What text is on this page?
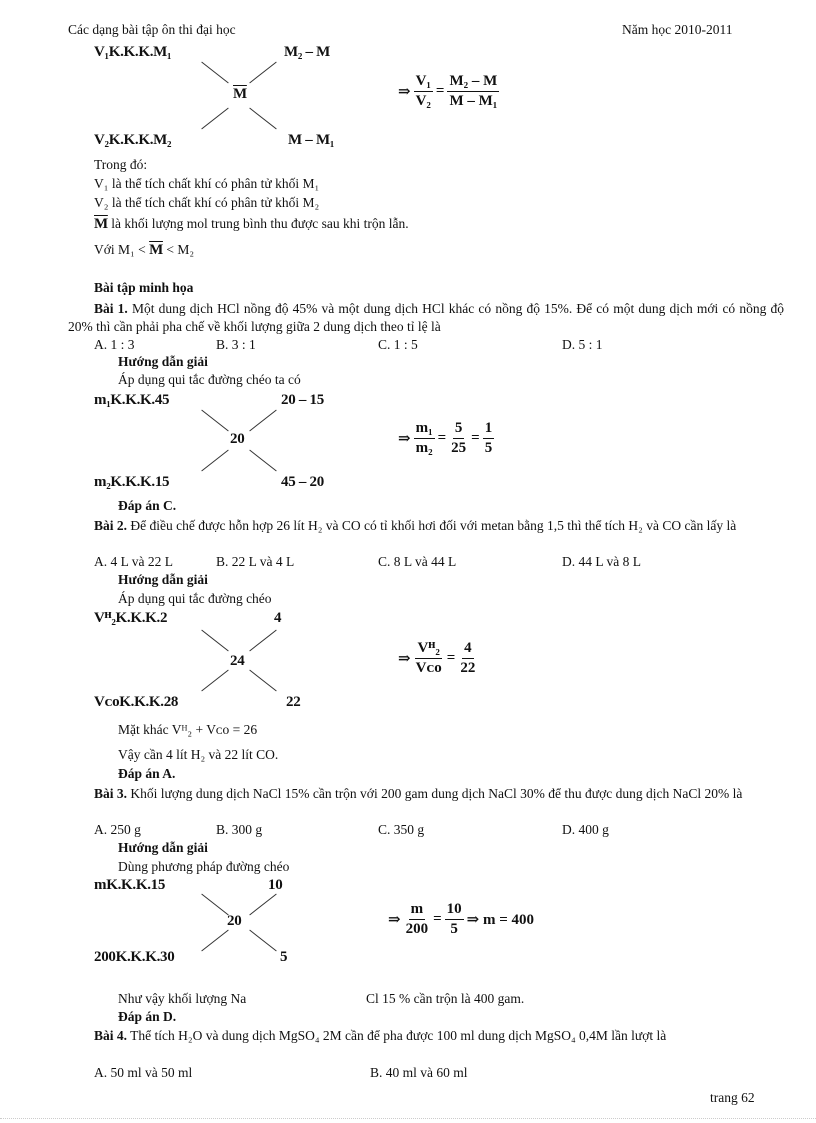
Các dạng bài tập ôn thi đại học	Năm học 2010-2011
V₁K.K.K.M₁	M₂ – M
$\overline{M}$
V₂K.K.K.M₂	M – M₁
⇒ $\frac{\text{V₁}}{\text{V₂}} = \frac{\text{M₂ – M}}{\text{M – M₁}}$
Trong đó:
V₁ là thể tích chất khí có phân tử khối M₁
V₂ là thể tích chất khí có phân tử khối M₂
$\overline{M}$ là khối lượng mol trung bình thu được sau khi trộn lẫn.
Với $M_1 < \overline{M} < M_2$
Bài tập minh họa
Bài 1. Một dung dịch HCl nồng độ 45% và một dung dịch HCl khác có nồng độ 15%. Để có một dung dịch mới có nồng độ 20% thì cần phải pha chế về khối lượng giữa 2 dung dịch theo tỉ lệ là
A. 1 : 3	B. 3 : 1	C. 1 : 5	D. 5 : 1
Hướng dẫn giải
Áp dụng qui tắc đường chéo ta có
m₁K.K.K.45	20 – 15
20
m₂K.K.K.15	45 – 20
⇒ $\frac{\text{m₁}}{\text{m₂}} = \frac{5}{25} = \frac{1}{5}$
Đáp án C.
Bài 2. Để điều chế được hỗn hợp 26 lít H₂ và CO có tỉ khối hơi đối với metan bằng 1,5 thì thể tích H₂ và CO cần lấy là
A. 4 L và 22 L	B. 22 L và 4 L	C. 8 L và 44 L	D. 44 L và 8 L
Hướng dẫn giải
Áp dụng qui tắc đường chéo
Vᴴ₂K.K.K.2	4
24
VᴄᴏK.K.K.28	22
⇒
Vᴴ₂
Vᴄᴏ
= $\frac{4}{22}$
Mặt khác Vᴴ₂ + Vᴄᴏ = 26
Vậy cần 4 lít H₂ và 22 lít CO.
Đáp án A.
Bài 3. Khối lượng dung dịch NaCl 15% cần trộn với 200 gam dung dịch NaCl 30% để thu được dung dịch NaCl 20% là
A. 250 g	B. 300 g	C. 350 g	D. 400 g
Hướng dẫn giải
Dùng phương pháp đường chéo
mK.K.K.15	10
20
200K.K.K.30	5
⇒ $\frac{m}{200} = \frac{10}{5}$ ⇒ m = 400
Như vậy khối lượng Na	Cl 15 % cần trộn là 400 gam.
Đáp án D.
Bài 4. Thể tích H₂O và dung dịch MgSO₄ 2M cần để pha được 100 ml dung dịch MgSO₄ 0,4M lần lượt là
A. 50 ml và 50 ml	B. 40 ml và 60 ml
trang 62
